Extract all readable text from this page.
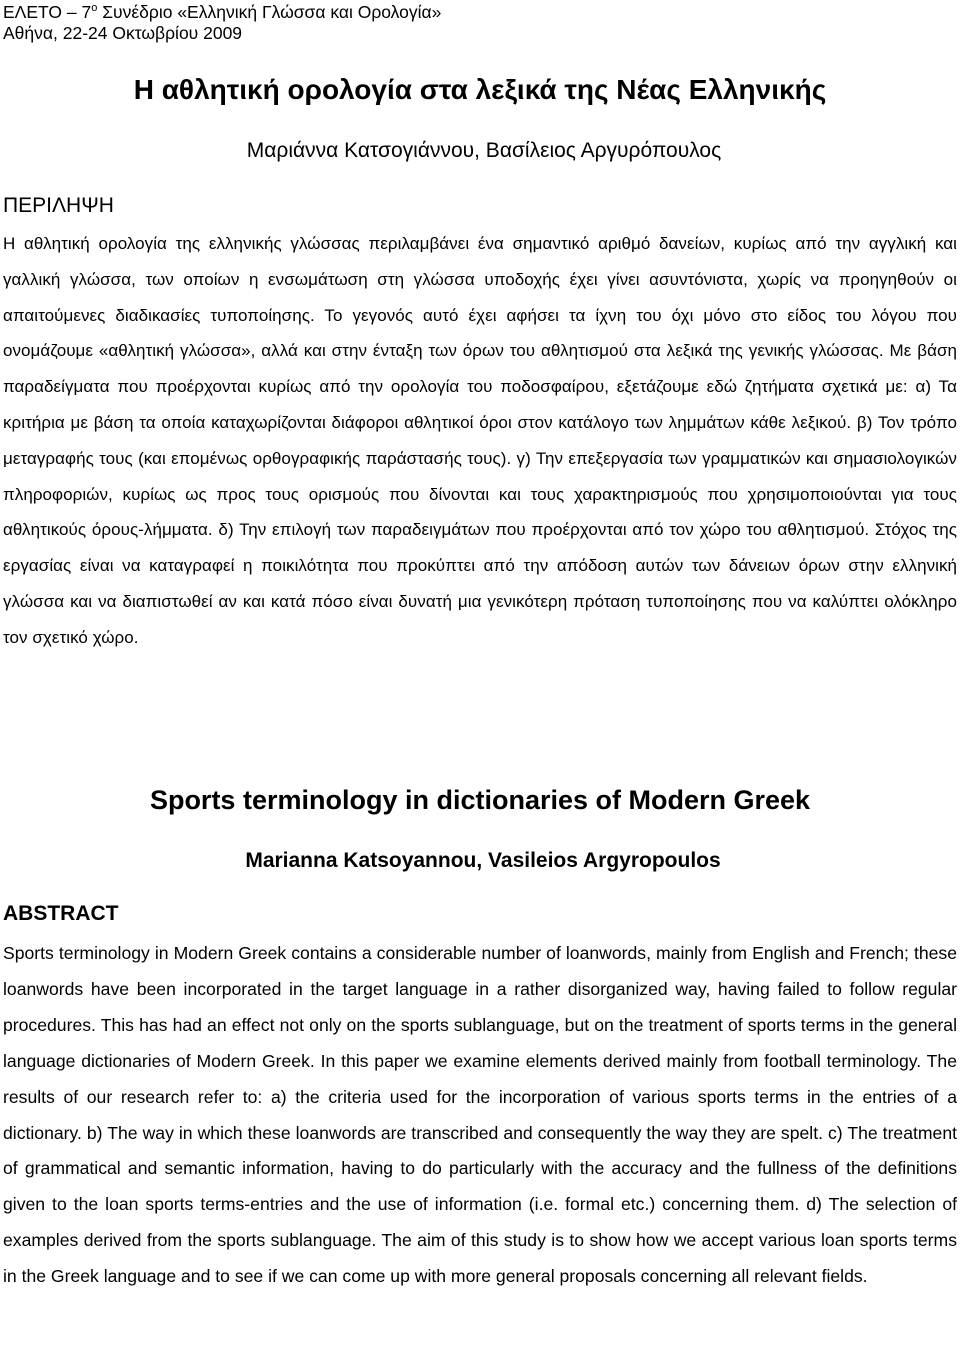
ΕΛΕΤΟ – $7^o$ Συνέδριο «Ελληνική Γλώσσα και Ορολογία»
Αθήνα, 22-24 Οκτωβρίου 2009
Η αθλητική ορολογία στα λεξικά της Νέας Ελληνικής
Μαριάννα Κατσογιάννου, Βασίλειος Αργυρόπουλος
ΠΕΡΙΛΗΨΗ

Η αθλητική ορολογία της ελληνικής γλώσσας περιλαμβάνει ένα σημαντικό αριθμό δανείων, κυρίως από την αγγλική και γαλλική γλώσσα, των οποίων η ενσωμάτωση στη γλώσσα υποδοχής έχει γίνει ασυντόνιστα, χωρίς να προηγηθούν οι απαιτούμενες διαδικασίες τυποποίησης. Το γεγονός αυτό έχει αφήσει τα ίχνη του όχι μόνο στο είδος του λόγου που ονομάζουμε «αθλητική γλώσσα», αλλά και στην ένταξη των όρων του αθλητισμού στα λεξικά της γενικής γλώσσας. Με βάση παραδείγματα που προέρχονται κυρίως από την ορολογία του ποδοσφαίρου, εξετάζουμε εδώ ζητήματα σχετικά με: α) Τα κριτήρια με βάση τα οποία καταχωρίζονται διάφοροι αθλητικοί όροι στον κατάλογο των λημμάτων κάθε λεξικού. β) Τον τρόπο μεταγραφής τους (και επομένως ορθογραφικής παράστασής τους). γ) Την επεξεργασία των γραμματικών και σημασιολογικών πληροφοριών, κυρίως ως προς τους ορισμούς που δίνονται και τους χαρακτηρισμούς που χρησιμοποιούνται για τους αθλητικούς όρους-λήμματα. δ) Την επιλογή των παραδειγμάτων που προέρχονται από τον χώρο του αθλητισμού. Στόχος της εργασίας είναι να καταγραφεί η ποικιλότητα που προκύπτει από την απόδοση αυτών των δάνειων όρων στην ελληνική γλώσσα και να διαπιστωθεί αν και κατά πόσο είναι δυνατή μια γενικότερη πρόταση τυποποίησης που να καλύπτει ολόκληρο τον σχετικό χώρο.

Sports terminology in dictionaries of Modern Greek
Marianna Katsoyannou, Vasileios Argyropoulos
ABSTRACT

Sports terminology in Modern Greek contains a considerable number of loanwords, mainly from English and French; these loanwords have been incorporated in the target language in a rather disorganized way, having failed to follow regular procedures. This has had an effect not only on the sports sublanguage, but on the treatment of sports terms in the general language dictionaries of Modern Greek. In this paper we examine elements derived mainly from football terminology. The results of our research refer to: a) the criteria used for the incorporation of various sports terms in the entries of a dictionary. b) The way in which these loanwords are transcribed and consequently the way they are spelt. c) The treatment of grammatical and semantic information, having to do particularly with the accuracy and the fullness of the definitions given to the loan sports terms-entries and the use of information (i.e. formal etc.) concerning them. d) The selection of examples derived from the sports sublanguage. The aim of this study is to show how we accept various loan sports terms in the Greek language and to see if we can come up with more general proposals concerning all relevant fields.
